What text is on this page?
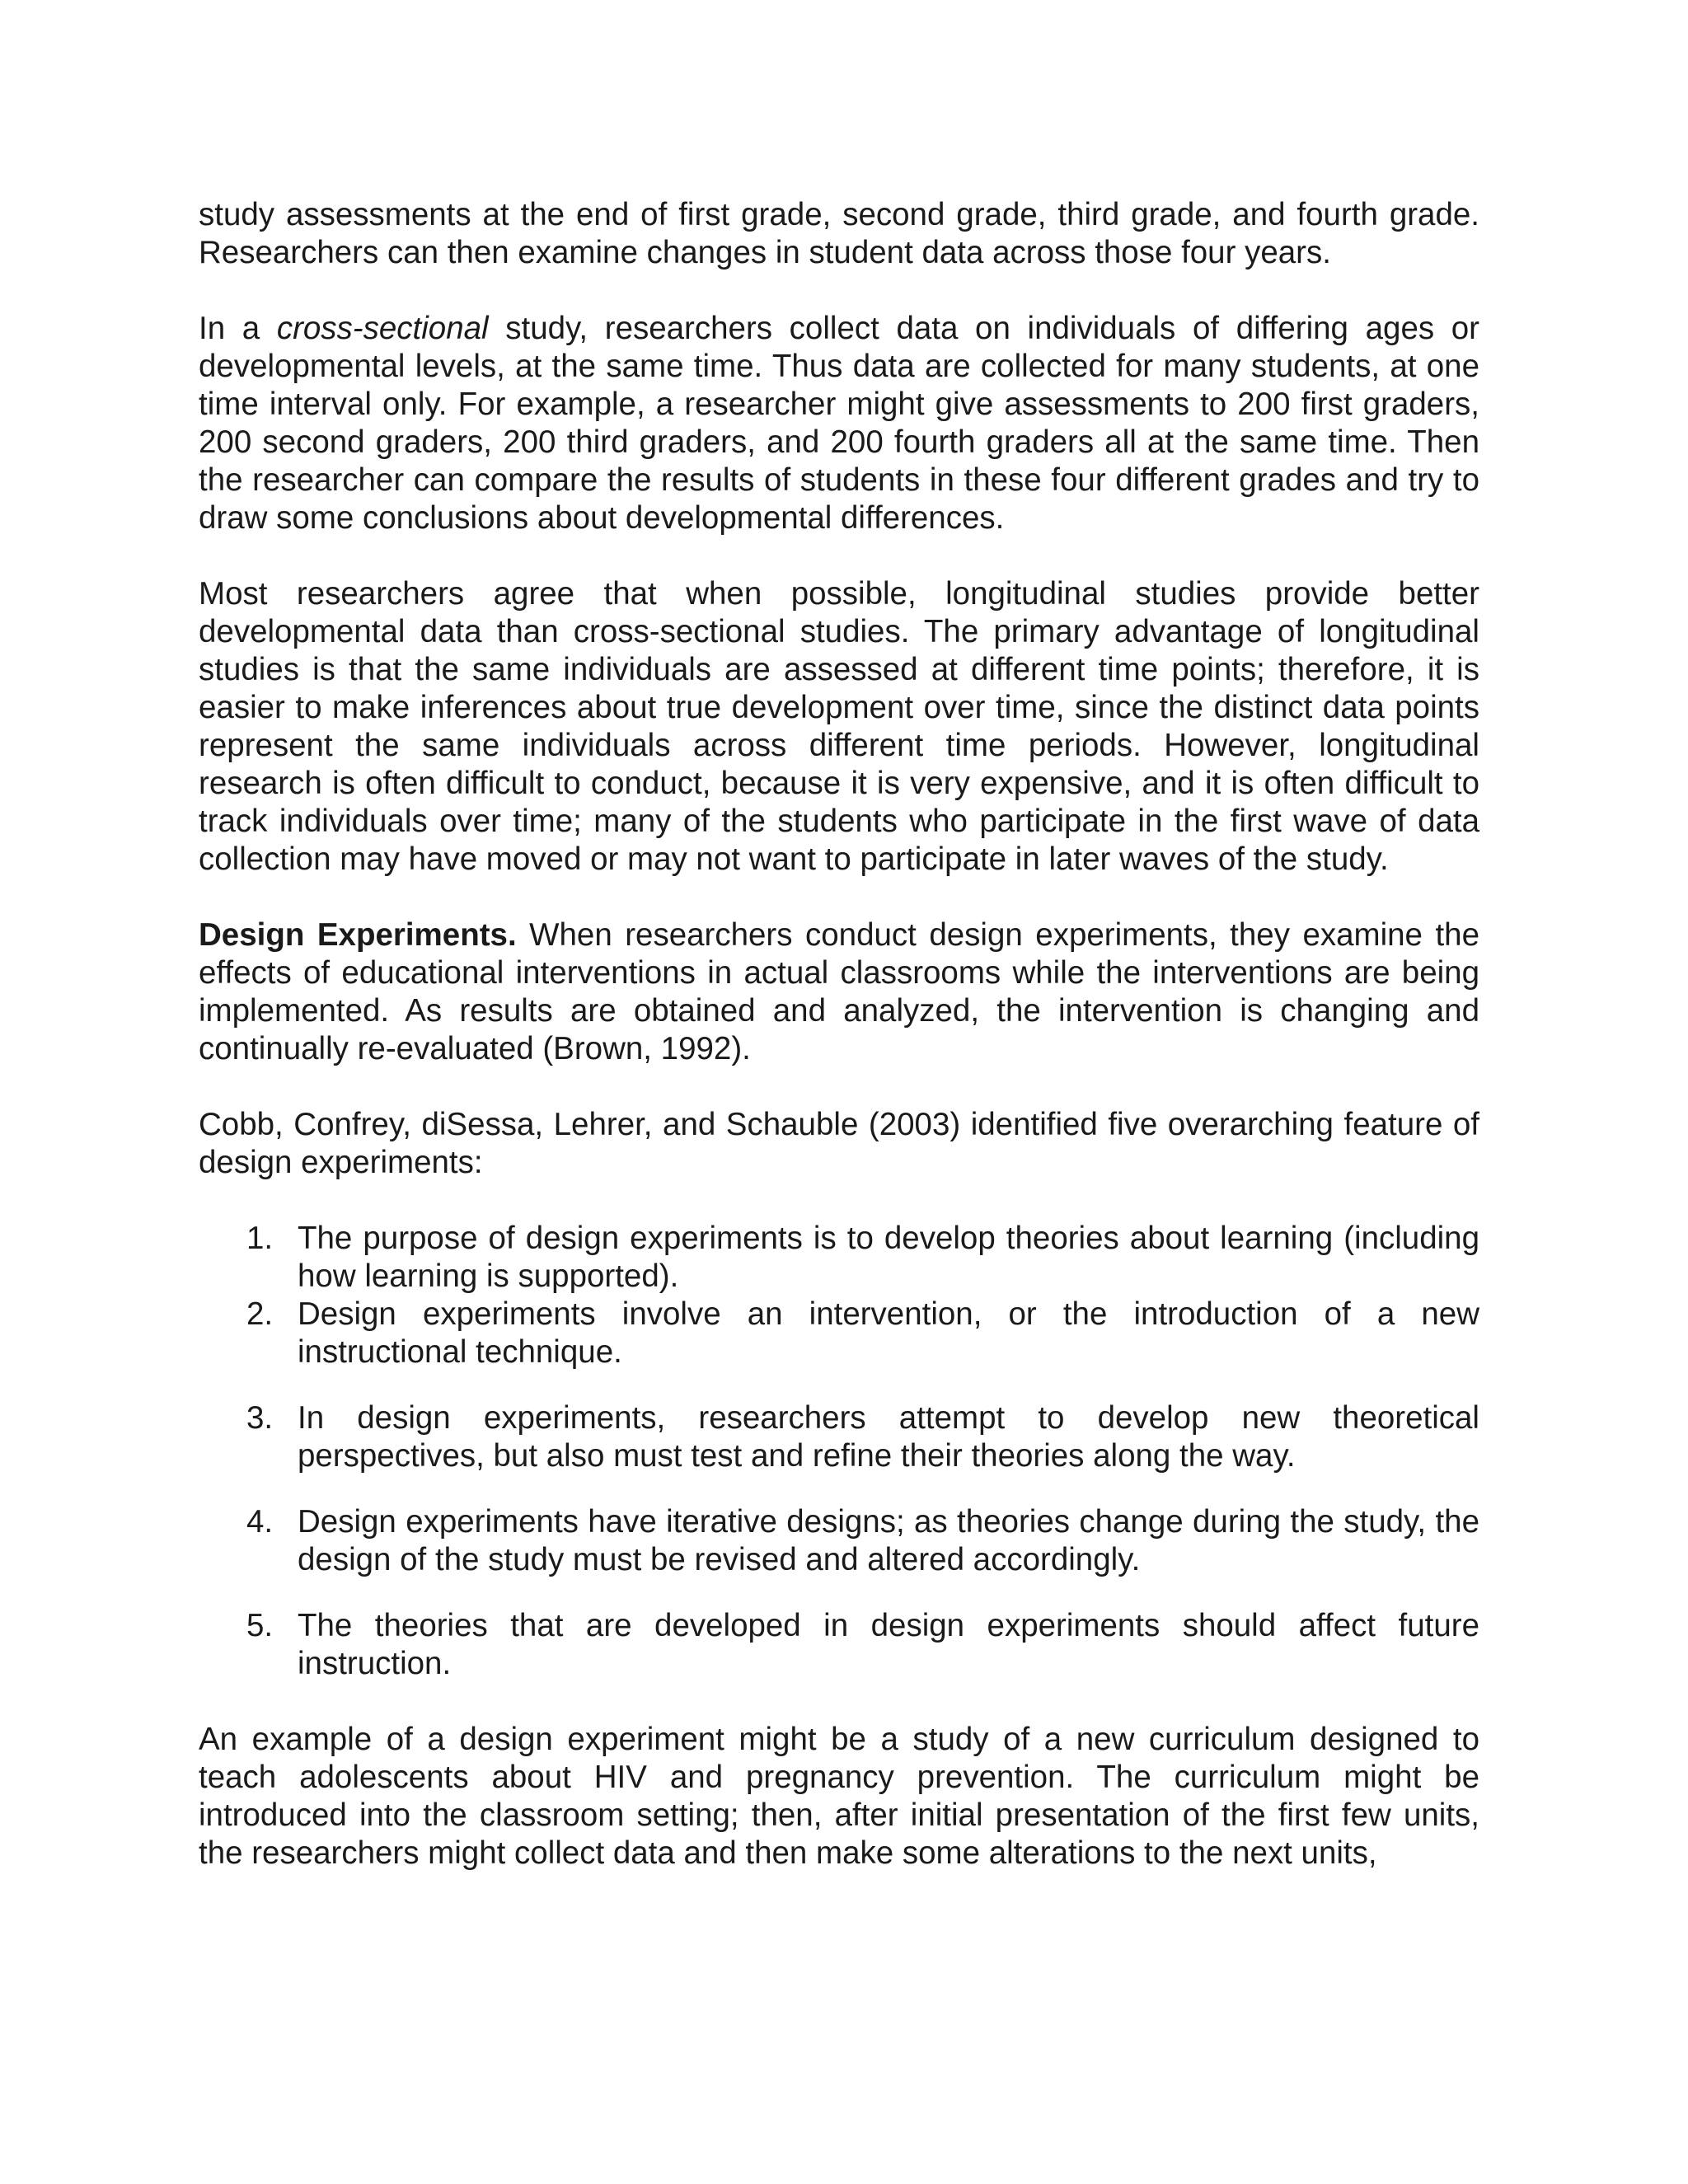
study assessments at the end of first grade, second grade, third grade, and fourth grade. Researchers can then examine changes in student data across those four years.

In a cross-sectional study, researchers collect data on individuals of differing ages or developmental levels, at the same time. Thus data are collected for many students, at one time interval only. For example, a researcher might give assessments to 200 first graders, 200 second graders, 200 third graders, and 200 fourth graders all at the same time. Then the researcher can compare the results of students in these four different grades and try to draw some conclusions about developmental differences.

Most researchers agree that when possible, longitudinal studies provide better developmental data than cross-sectional studies. The primary advantage of longitudinal studies is that the same individuals are assessed at different time points; therefore, it is easier to make inferences about true development over time, since the distinct data points represent the same individuals across different time periods. However, longitudinal research is often difficult to conduct, because it is very expensive, and it is often difficult to track individuals over time; many of the students who participate in the first wave of data collection may have moved or may not want to participate in later waves of the study.

Design Experiments. When researchers conduct design experiments, they examine the effects of educational interventions in actual classrooms while the interventions are being implemented. As results are obtained and analyzed, the intervention is changing and continually re-evaluated (Brown, 1992).

Cobb, Confrey, diSessa, Lehrer, and Schauble (2003) identified five overarching feature of design experiments:

1. The purpose of design experiments is to develop theories about learning (including how learning is supported).
2. Design experiments involve an intervention, or the introduction of a new instructional technique.
3. In design experiments, researchers attempt to develop new theoretical perspectives, but also must test and refine their theories along the way.
4. Design experiments have iterative designs; as theories change during the study, the design of the study must be revised and altered accordingly.
5. The theories that are developed in design experiments should affect future instruction.

An example of a design experiment might be a study of a new curriculum designed to teach adolescents about HIV and pregnancy prevention. The curriculum might be introduced into the classroom setting; then, after initial presentation of the first few units, the researchers might collect data and then make some alterations to the next units,
